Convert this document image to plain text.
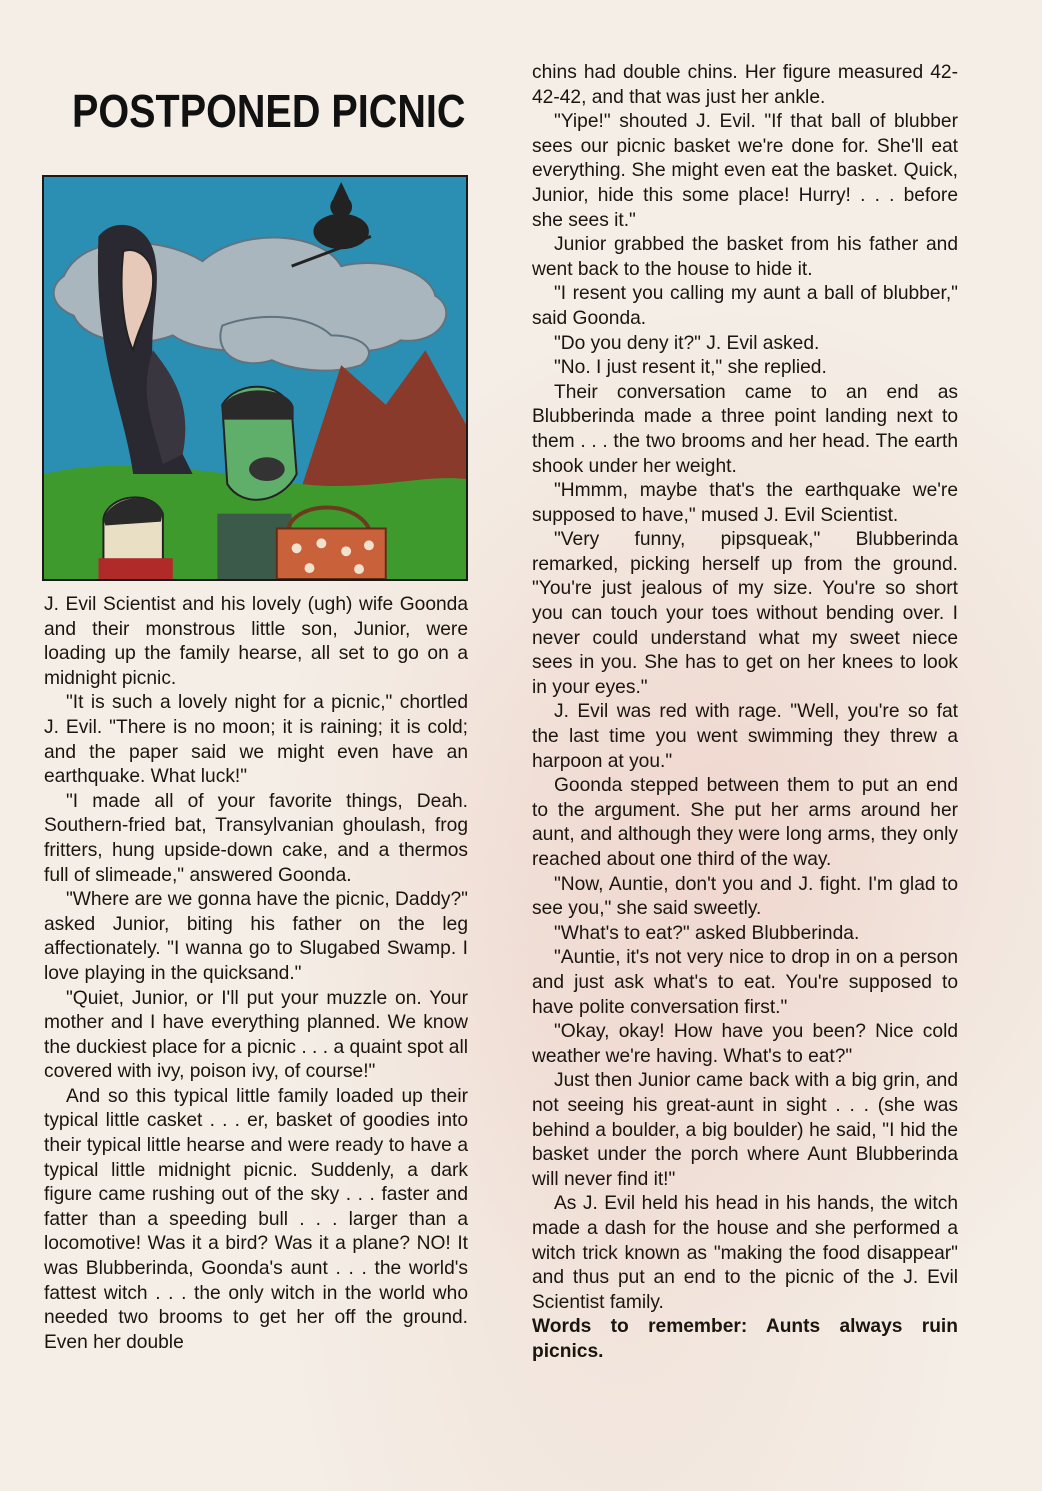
POSTPONED PICNIC

J. Evil Scientist and his lovely (ugh) wife Goonda and their monstrous little son, Junior, were loading up the family hearse, all set to go on a midnight picnic.

"It is such a lovely night for a picnic," chortled J. Evil. "There is no moon; it is raining; it is cold; and the paper said we might even have an earthquake. What luck!"

"I made all of your favorite things, Deah. Southern-fried bat, Transylvanian ghoulash, frog fritters, hung upside-down cake, and a thermos full of slimeade," answered Goonda.

"Where are we gonna have the picnic, Daddy?" asked Junior, biting his father on the leg affectionately. "I wanna go to Slugabed Swamp. I love playing in the quicksand."

"Quiet, Junior, or I'll put your muzzle on. Your mother and I have everything planned. We know the duckiest place for a picnic . . . a quaint spot all covered with ivy, poison ivy, of course!"

And so this typical little family loaded up their typical little casket . . . er, basket of goodies into their typical little hearse and were ready to have a typical little midnight picnic. Suddenly, a dark figure came rushing out of the sky . . . faster and fatter than a speeding bull . . . larger than a locomotive! Was it a bird? Was it a plane? NO! It was Blubberinda, Goonda's aunt . . . the world's fattest witch . . . the only witch in the world who needed two brooms to get her off the ground. Even her double

chins had double chins. Her figure measured 42-42-42, and that was just her ankle.

"Yipe!" shouted J. Evil. "If that ball of blubber sees our picnic basket we're done for. She'll eat everything. She might even eat the basket. Quick, Junior, hide this some place! Hurry! . . . before she sees it."

Junior grabbed the basket from his father and went back to the house to hide it.

"I resent you calling my aunt a ball of blubber," said Goonda.

"Do you deny it?" J. Evil asked.

"No. I just resent it," she replied.

Their conversation came to an end as Blubberinda made a three point landing next to them . . . the two brooms and her head. The earth shook under her weight.

"Hmmm, maybe that's the earthquake we're supposed to have," mused J. Evil Scientist.

"Very funny, pipsqueak," Blubberinda remarked, picking herself up from the ground. "You're just jealous of my size. You're so short you can touch your toes without bending over. I never could understand what my sweet niece sees in you. She has to get on her knees to look in your eyes."

J. Evil was red with rage. "Well, you're so fat the last time you went swimming they threw a harpoon at you."

Goonda stepped between them to put an end to the argument. She put her arms around her aunt, and although they were long arms, they only reached about one third of the way.

"Now, Auntie, don't you and J. fight. I'm glad to see you," she said sweetly.

"What's to eat?" asked Blubberinda.

"Auntie, it's not very nice to drop in on a person and just ask what's to eat. You're supposed to have polite conversation first."

"Okay, okay! How have you been? Nice cold weather we're having. What's to eat?"

Just then Junior came back with a big grin, and not seeing his great-aunt in sight . . . (she was behind a boulder, a big boulder) he said, "I hid the basket under the porch where Aunt Blubberinda will never find it!"

As J. Evil held his head in his hands, the witch made a dash for the house and she performed a witch trick known as "making the food disappear" and thus put an end to the picnic of the J. Evil Scientist family.

Words to remember: Aunts always ruin picnics.
